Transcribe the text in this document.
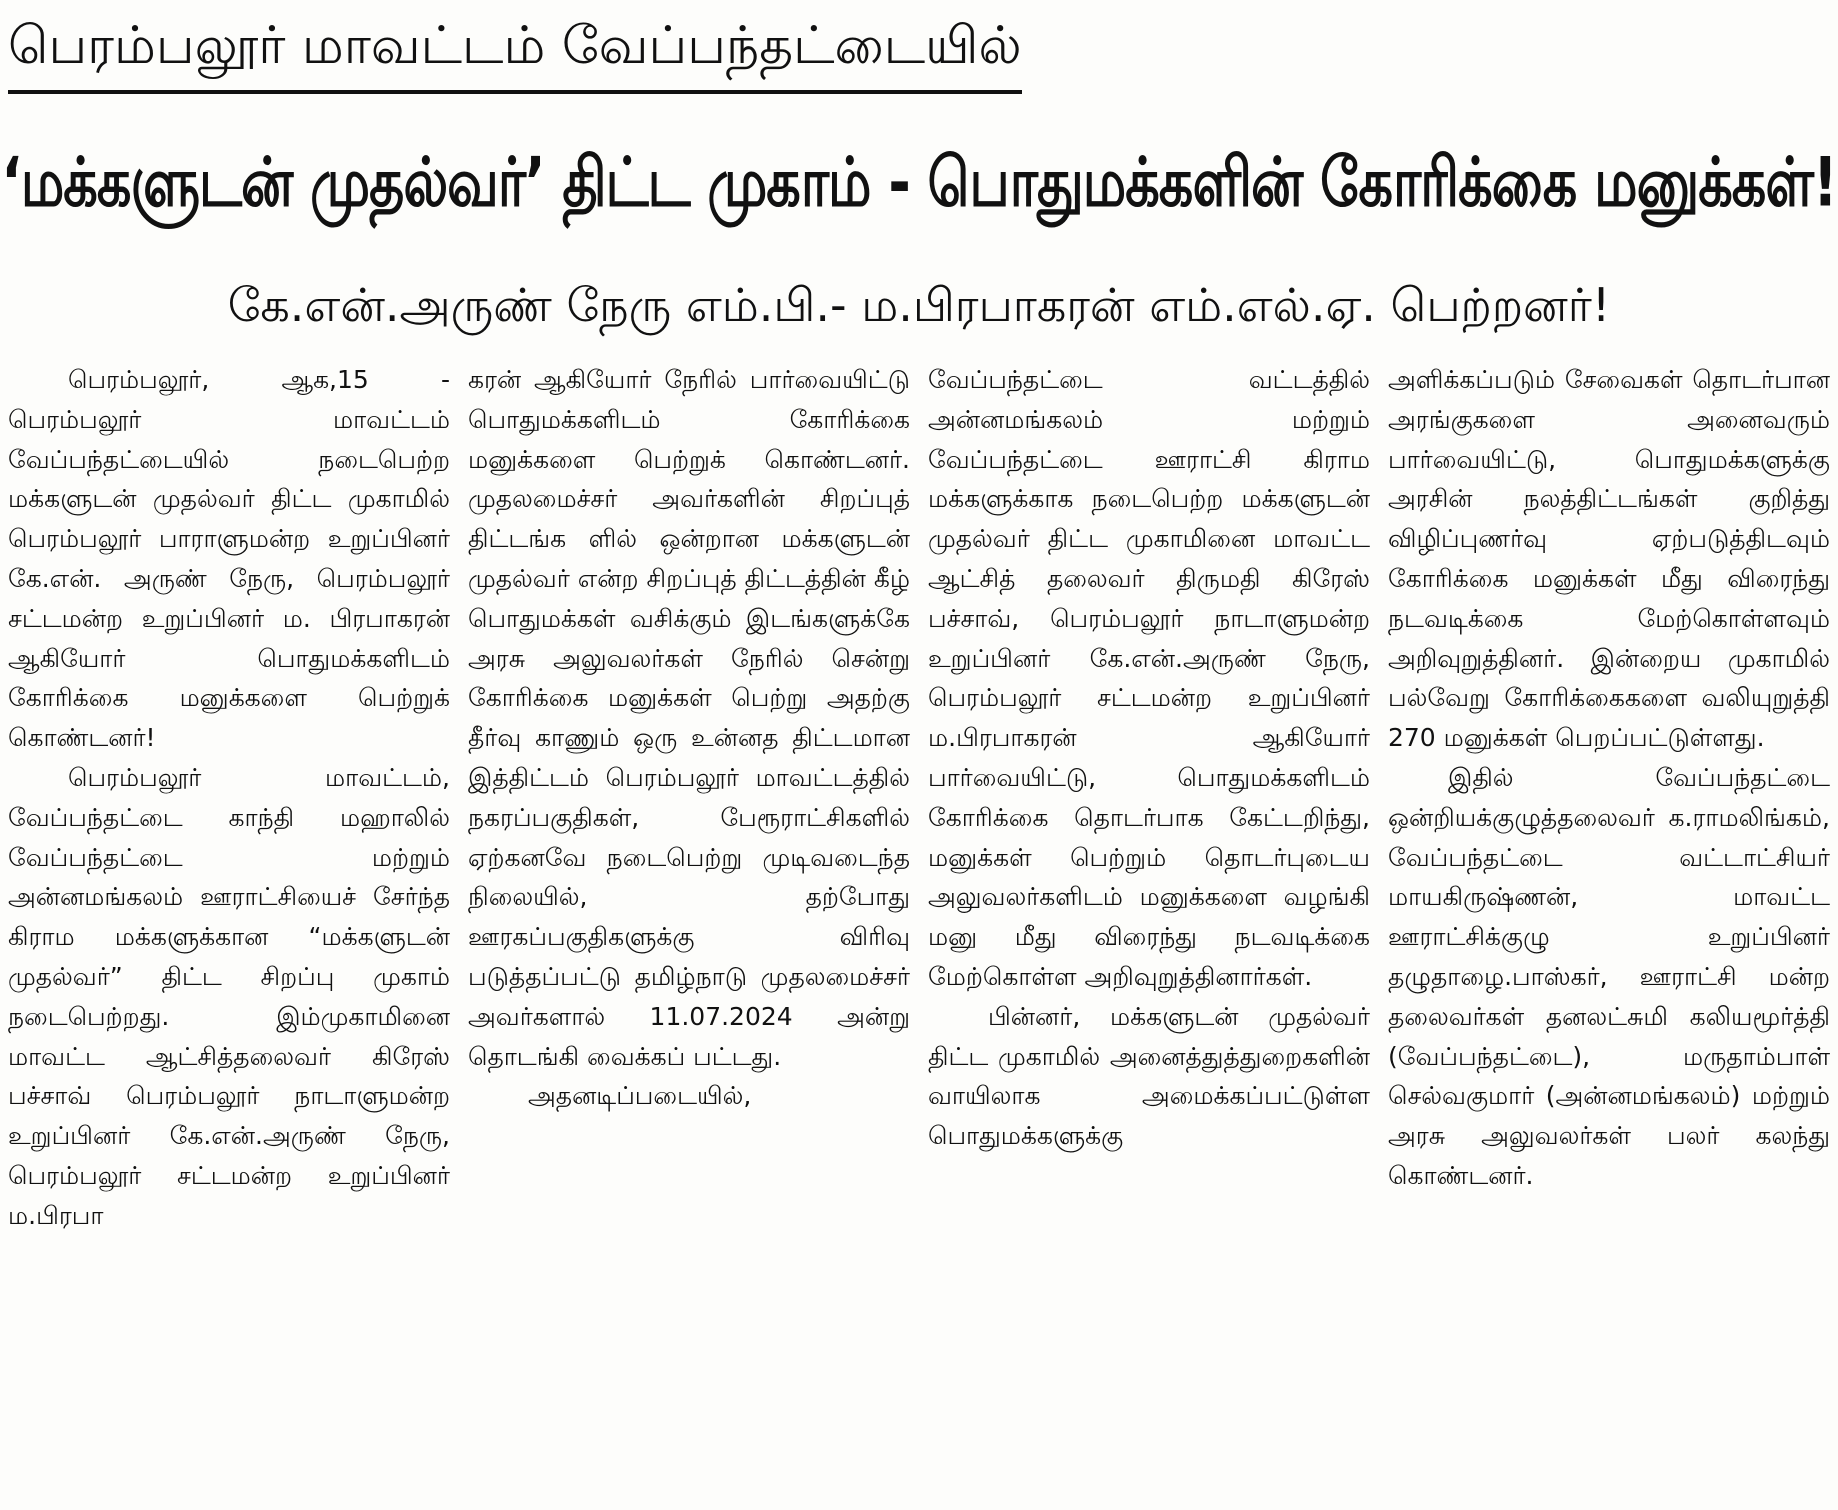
பெரம்பலூர் மாவட்டம் வேப்பந்தட்டையில்
‘மக்களுடன் முதல்வர்’ திட்ட முகாம் - பொதுமக்களின் கோரிக்கை மனுக்கள்!
கே.என்.அருண் நேரு எம்.பி.- ம.பிரபாகரன் எம்.எல்.ஏ. பெற்றனர்!

பெரம்பலூர், ஆக,15 - பெரம்பலூர் மாவட்டம் வேப்பந்தட்டையில் நடைபெற்ற மக்களுடன் முதல்வர் திட்ட முகாமில் பெரம்பலூர் பாராளுமன்ற உறுப்பினர் கே.என். அருண் நேரு, பெரம்பலூர் சட்டமன்ற உறுப்பினர் ம. பிரபாகரன் ஆகியோர் பொதுமக்களிடம் கோரிக்கை மனுக்களை பெற்றுக் கொண்டனர்!

பெரம்பலூர் மாவட்டம், வேப்பந்தட்டை காந்தி மஹாலில் வேப்பந்தட்டை மற்றும் அன்னமங்கலம் ஊராட்சியைச் சேர்ந்த கிராம மக்களுக்கான “மக்களுடன் முதல்வர்” திட்ட சிறப்பு முகாம் நடைபெற்றது. இம்முகாமினை மாவட்ட ஆட்சித்தலைவர் கிரேஸ் பச்சாவ் பெரம்பலூர் நாடாளுமன்ற உறுப்பினர் கே.என்.அருண் நேரு, பெரம்பலூர் சட்டமன்ற உறுப்பினர் ம.பிரபா

கரன் ஆகியோர் நேரில் பார்வையிட்டு பொதுமக்களிடம் கோரிக்கை மனுக்களை பெற்றுக் கொண்டனர். முதலமைச்சர் அவர்களின் சிறப்புத் திட்டங்க ளில் ஒன்றான மக்களுடன் முதல்வர் என்ற சிறப்புத் திட்டத்தின் கீழ் பொதுமக்கள் வசிக்கும் இடங்களுக்கே அரசு அலுவலர்கள் நேரில் சென்று கோரிக்கை மனுக்கள் பெற்று அதற்கு தீர்வு காணும் ஒரு உன்னத திட்டமான இத்திட்டம் பெரம்பலூர் மாவட்டத்தில் நகரப்பகுதிகள், பேரூராட்சிகளில் ஏற்கனவே நடைபெற்று முடிவடைந்த நிலையில், தற்போது ஊரகப்பகுதிகளுக்கு விரிவு படுத்தப்பட்டு தமிழ்நாடு முதலமைச்சர் அவர்களால் 11.07.2024 அன்று தொடங்கி வைக்கப் பட்டது.

அதனடிப்படையில்,

வேப்பந்தட்டை வட்டத்தில் அன்னமங்கலம் மற்றும் வேப்பந்தட்டை ஊராட்சி கிராம மக்களுக்காக நடைபெற்ற மக்களுடன் முதல்வர் திட்ட முகாமினை மாவட்ட ஆட்சித் தலைவர் திருமதி கிரேஸ் பச்சாவ், பெரம்பலூர் நாடாளுமன்ற உறுப்பினர் கே.என்.அருண் நேரு, பெரம்பலூர் சட்டமன்ற உறுப்பினர் ம.பிரபாகரன் ஆகியோர் பார்வையிட்டு, பொதுமக்களிடம் கோரிக்கை தொடர்பாக கேட்டறிந்து, மனுக்கள் பெற்றும் தொடர்புடைய அலுவலர்களிடம் மனுக்களை வழங்கி மனு மீது விரைந்து நடவடிக்கை மேற்கொள்ள அறிவுறுத்தினார்கள்.

பின்னர், மக்களுடன் முதல்வர் திட்ட முகாமில் அனைத்துத்துறைகளின் வாயிலாக அமைக்கப்பட்டுள்ள பொதுமக்களுக்கு

அளிக்கப்படும் சேவைகள் தொடர்பான அரங்குகளை அனைவரும் பார்வையிட்டு, பொதுமக்களுக்கு அரசின் நலத்திட்டங்கள் குறித்து விழிப்புணர்வு ஏற்படுத்திடவும் கோரிக்கை மனுக்கள் மீது விரைந்து நடவடிக்கை மேற்கொள்ளவும் அறிவுறுத்தினர். இன்றைய முகாமில் பல்வேறு கோரிக்கைகளை வலியுறுத்தி 270 மனுக்கள் பெறப்பட்டுள்ளது.

இதில் வேப்பந்தட்டை ஒன்றியக்குழுத்தலைவர் க.ராமலிங்கம், வேப்பந்தட்டை வட்டாட்சியர் மாயகிருஷ்ணன், மாவட்ட ஊராட்சிக்குழு உறுப்பினர் தழுதாழை.பாஸ்கர், ஊராட்சி மன்ற தலைவர்கள் தனலட்சுமி கலியமூர்த்தி (வேப்பந்தட்டை), மருதாம்பாள் செல்வகுமார் (அன்னமங்கலம்) மற்றும் அரசு அலுவலர்கள் பலர் கலந்து கொண்டனர்.
